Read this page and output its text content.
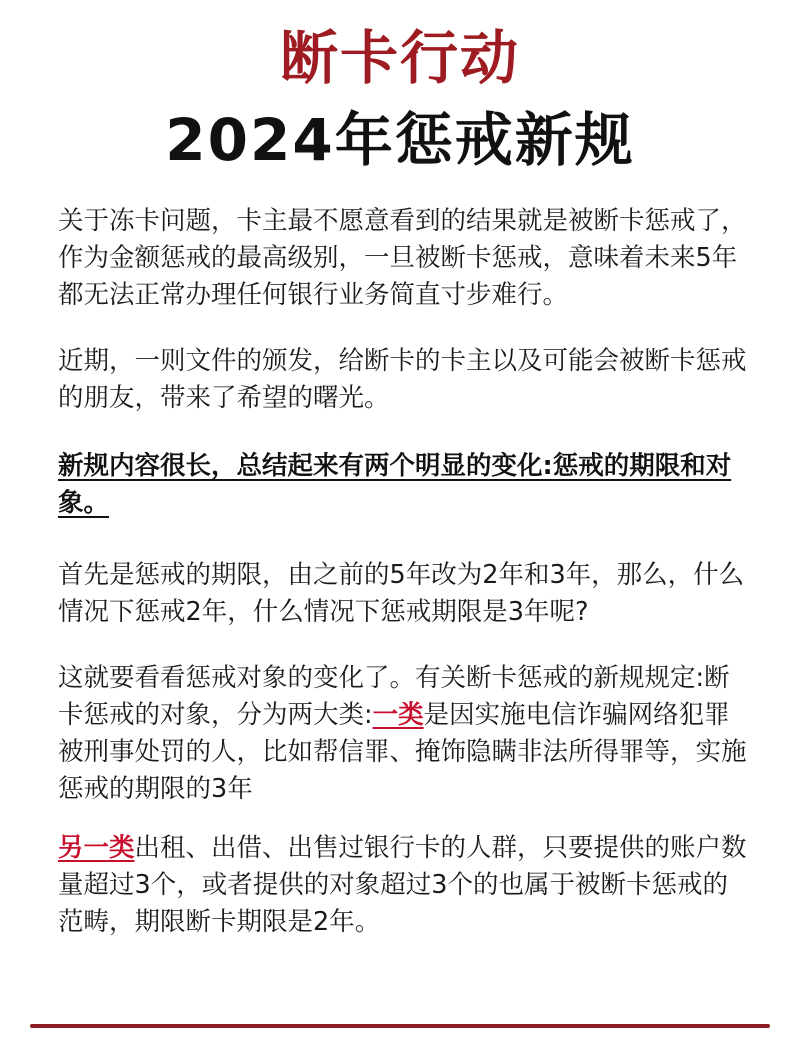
断卡行动
2024年惩戒新规

关于冻卡问题，卡主最不愿意看到的结果就是被断卡惩戒了，作为金额惩戒的最高级别，一旦被断卡惩戒，意味着未来5年都无法正常办理任何银行业务简直寸步难行。

近期，一则文件的颁发，给断卡的卡主以及可能会被断卡惩戒的朋友，带来了希望的曙光。

新规内容很长，总结起来有两个明显的变化:惩戒的期限和对象。

首先是惩戒的期限，由之前的5年改为2年和3年，那么，什么情况下惩戒2年，什么情况下惩戒期限是3年呢?

这就要看看惩戒对象的变化了。有关断卡惩戒的新规规定:断卡惩戒的对象，分为两大类:一类是因实施电信诈骗网络犯罪被刑事处罚的人，比如帮信罪、掩饰隐瞒非法所得罪等，实施惩戒的期限的3年

另一类出租、出借、出售过银行卡的人群，只要提供的账户数量超过3个，或者提供的对象超过3个的也属于被断卡惩戒的范畴，期限断卡期限是2年。
